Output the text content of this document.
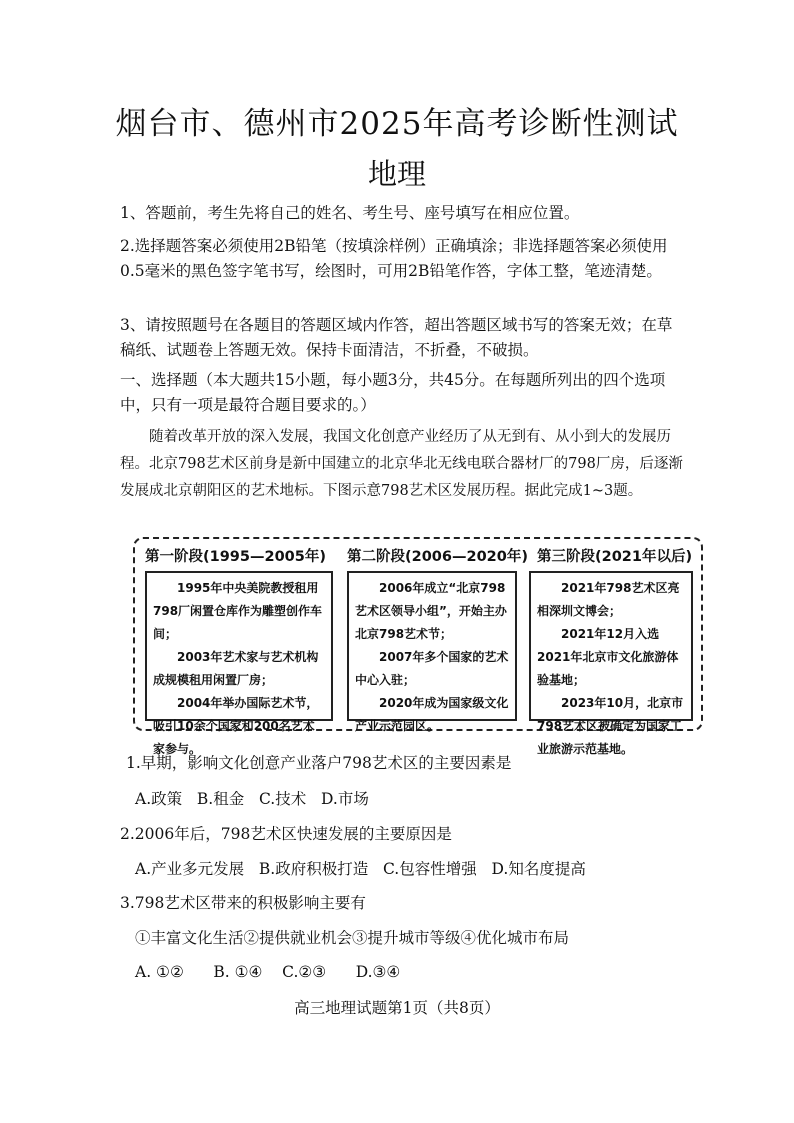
烟台市、德州市2025年高考诊断性测试
地理
1、答题前，考生先将自己的姓名、考生号、座号填写在相应位置。
2.选择题答案必须使用2B铅笔（按填涂样例）正确填涂；非选择题答案必须使用0.5毫米的黑色签字笔书写，绘图时，可用2B铅笔作答，字体工整，笔迹清楚。
3、请按照题号在各题目的答题区域内作答，超出答题区域书写的答案无效；在草稿纸、试题卷上答题无效。保持卡面清洁，不折叠，不破损。
一、选择题（本大题共15小题，每小题3分，共45分。在每题所列出的四个选项中，只有一项是最符合题目要求的。）
随着改革开放的深入发展，我国文化创意产业经历了从无到有、从小到大的发展历程。北京798艺术区前身是新中国建立的北京华北无线电联合器材厂的798厂房，后逐渐发展成北京朝阳区的艺术地标。下图示意798艺术区发展历程。据此完成1~3题。
第一阶段(1995—2005年) 第二阶段(2006—2020年) 第三阶段(2021年以后)

1995年中央美院教授租用798厂闲置仓库作为雕塑创作车间；

2003年艺术家与艺术机构成规模租用闲置厂房；

2004年举办国际艺术节，吸引10余个国家和200名艺术家参与。

2006年成立“北京798艺术区领导小组”，开始主办北京798艺术节；

2007年多个国家的艺术中心入驻；

2020年成为国家级文化产业示范园区。

2021年798艺术区亮相深圳文博会；

2021年12月入选2021年北京市文化旅游体验基地；

2023年10月，北京市798艺术区被确定为国家工业旅游示范基地。

1.早期，影响文化创意产业落户798艺术区的主要因素是
A.政策   B.租金   C.技术   D.市场
2.2006年后，798艺术区快速发展的主要原因是
A.产业多元发展   B.政府积极打造   C.包容性增强   D.知名度提高
3.798艺术区带来的积极影响主要有
①丰富文化生活②提供就业机会③提升城市等级④优化城市布局
A. ①②      B. ①④    C.②③      D.③④
高三地理试题第1页（共8页）
